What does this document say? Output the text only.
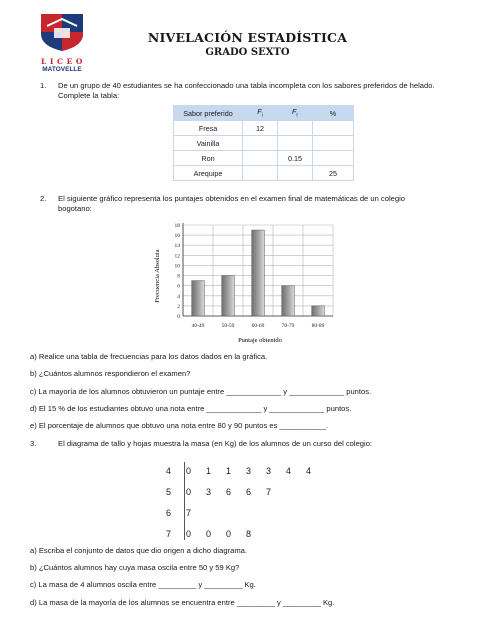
L I C E O
MATOVELLE
NIVELACIÓN ESTADÍSTICA
GRADO SEXTO
1. De un grupo de 40 estudiantes se ha confeccionado una tabla incompleta con los sabores preferidos de helado.
Complete la tabla:
Sabor preferido	$F_i$	$F_r$	%
Fresa	12		
Vainilla			
Ron		0.15	
Arequipe			25
2. El siguiente gráfico representa los puntajes obtenidos en el examen final de matemáticas de un colegio
bogotano:
0
2
4
6
8
10
12
14
16
18
40-49	50-59	60-69	70-79	80-89
Frecuencia Absoluta
Puntaje obtenido
a) Realice una tabla de frecuencias para los datos dados en la gráfica.
b) ¿Cuántos alumnos respondieron el examen?
c) La mayoría de los alumnos obtuvieron un puntaje entre _____________ y _____________ puntos.
d) El 15 % de los estudiantes obtuvo una nota entre _____________ y _____________ puntos.
e) El porcentaje de alumnos que obtuvo una nota entre 80 y 90 puntos es ___________.
3.	El diagrama de tallo y hojas muestra la masa (en Kg) de los alumnos de un curso del colegio:
4	0	1	1	3	3	4	4
5	0	3	6	6	7		
6	7						
7	0	0	0	8			
a) Escriba el conjunto de datos que dio origen a dicho diagrama.
b) ¿Cuántos alumnos hay cuya masa oscila entre 50 y 59 Kg?
c) La masa de 4 alumnos oscila entre _________ y _________ Kg.
d) La masa de la mayoría de los alumnos se encuentra entre _________ y _________ Kg.
